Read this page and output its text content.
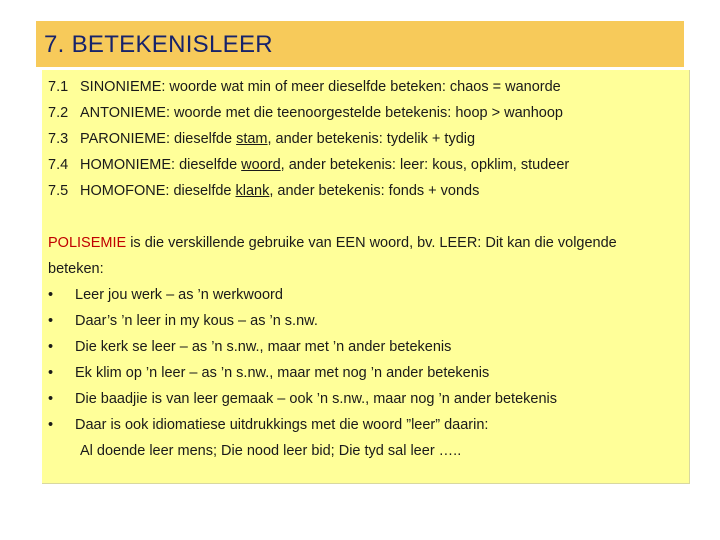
7. BETEKENISLEER
7.1 SINONIEME: woorde wat min of meer dieselfde beteken: chaos = wanorde
7.2 ANTONIEME: woorde met die teenoorgestelde betekenis: hoop > wanhoop
7.3 PARONIEME: dieselfde stam, ander betekenis: tydelik + tydig
7.4 HOMONIEME: dieselfde woord, ander betekenis: leer: kous, opklim, studeer
7.5 HOMOFONE: dieselfde klank, ander betekenis: fonds + vonds

POLISEMIE is die verskillende gebruike van EEN woord, bv. LEER: Dit kan die volgende beteken:

•	Leer jou werk – as ’n werkwoord
•	Daar’s ’n leer in my kous – as ’n s.nw.
•	Die kerk se leer – as ’n s.nw., maar met ’n ander betekenis
•	Ek klim op ’n leer – as ’n s.nw., maar met nog ’n ander betekenis
•	Die baadjie is van leer gemaak – ook ’n s.nw., maar nog ’n ander betekenis
•	Daar is ook idiomatiese uitdrukkings met die woord ”leer” daarin:
Al doende leer mens; Die nood leer bid; Die tyd sal leer …..
